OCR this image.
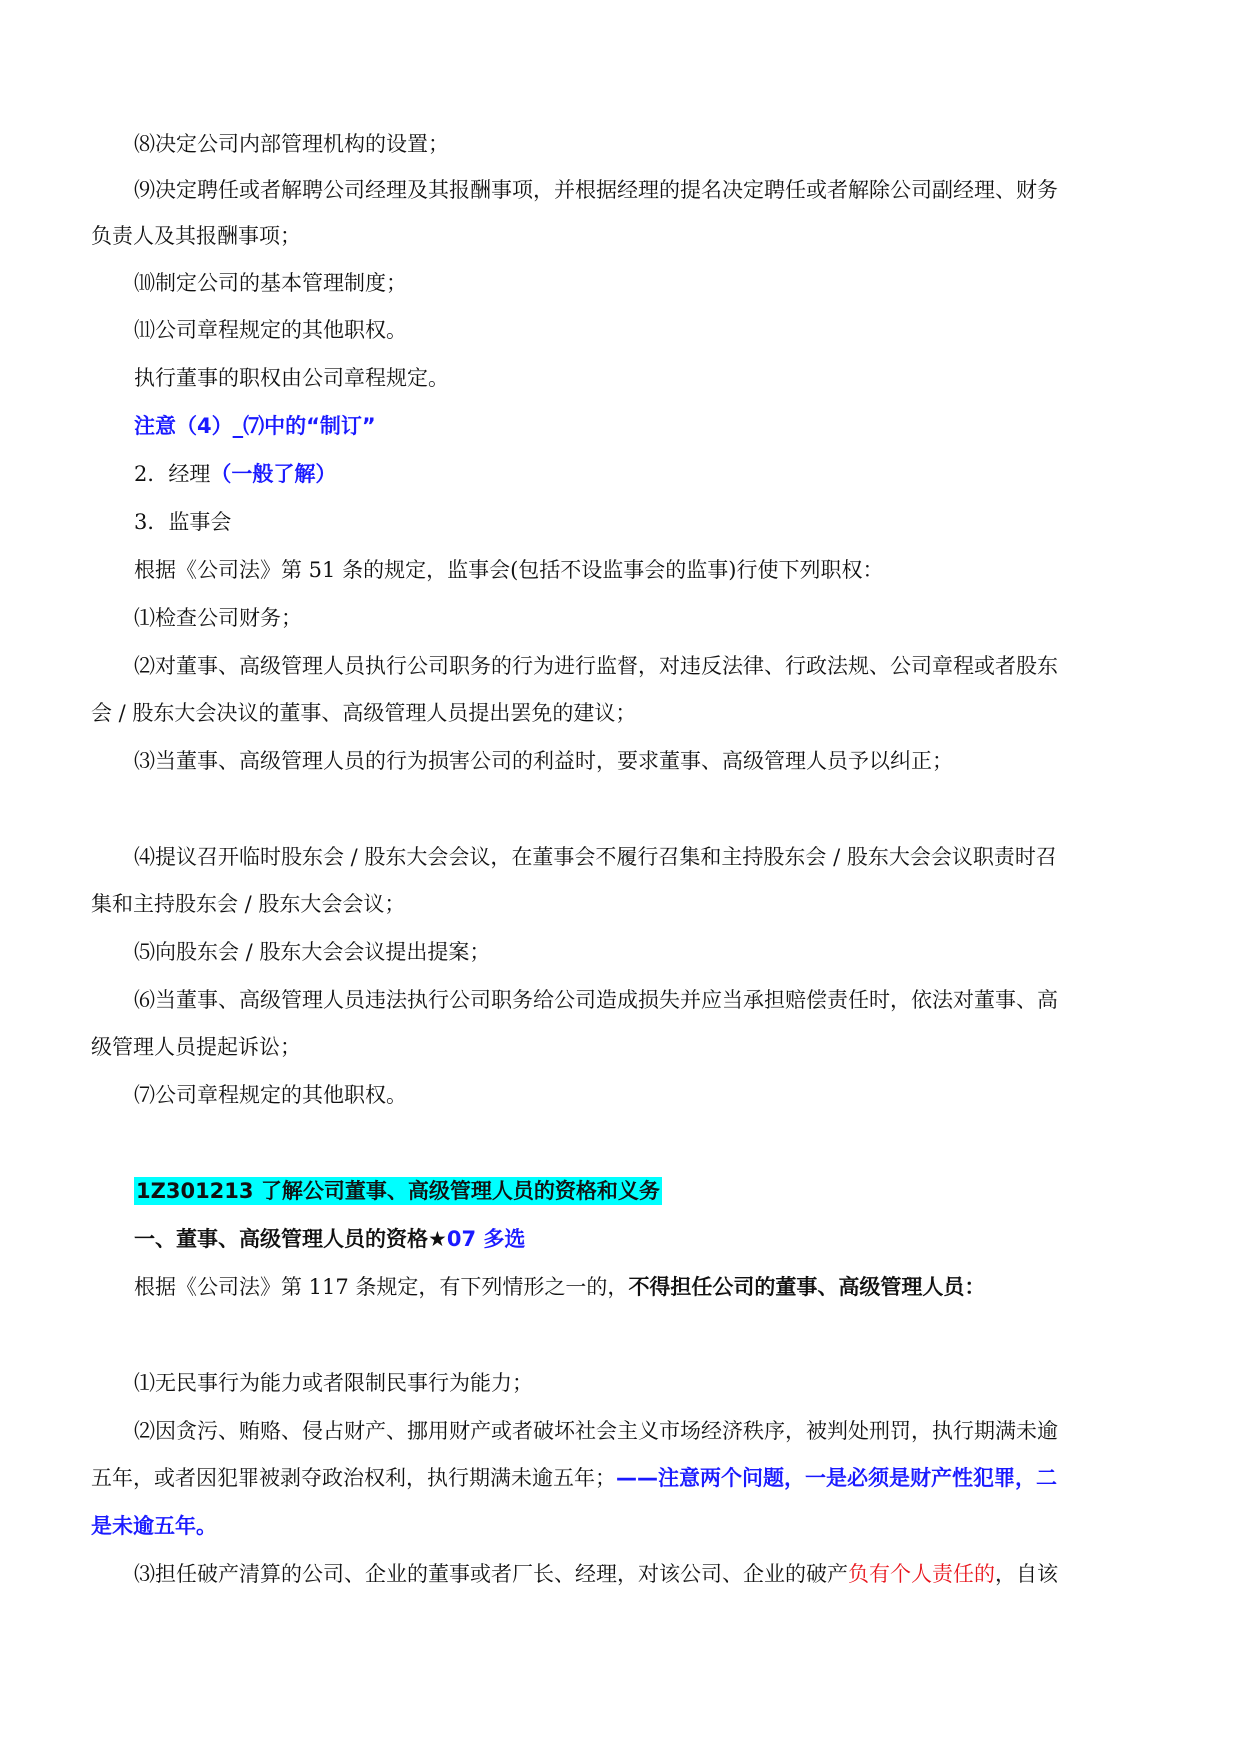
⑻决定公司内部管理机构的设置；
⑼决定聘任或者解聘公司经理及其报酬事项，并根据经理的提名决定聘任或者解除公司副经理、财务
负责人及其报酬事项；
⑽制定公司的基本管理制度；
⑾公司章程规定的其他职权。
执行董事的职权由公司章程规定。
注意（4）_⑺中的“制订”
2．经理（一般了解）
3．监事会
根据《公司法》第 51 条的规定，监事会(包括不设监事会的监事)行使下列职权：
⑴检查公司财务；
⑵对董事、高级管理人员执行公司职务的行为进行监督，对违反法律、行政法规、公司章程或者股东
会 / 股东大会决议的董事、高级管理人员提出罢免的建议；
⑶当董事、高级管理人员的行为损害公司的利益时，要求董事、高级管理人员予以纠正；
⑷提议召开临时股东会 / 股东大会会议，在董事会不履行召集和主持股东会 / 股东大会会议职责时召
集和主持股东会 / 股东大会会议；
⑸向股东会 / 股东大会会议提出提案；
⑹当董事、高级管理人员违法执行公司职务给公司造成损失并应当承担赔偿责任时，依法对董事、高
级管理人员提起诉讼；
⑺公司章程规定的其他职权。
1Z301213 了解公司董事、高级管理人员的资格和义务
一、董事、高级管理人员的资格★07 多选
根据《公司法》第 117 条规定，有下列情形之一的，不得担任公司的董事、高级管理人员：
⑴无民事行为能力或者限制民事行为能力；
⑵因贪污、贿赂、侵占财产、挪用财产或者破坏社会主义市场经济秩序，被判处刑罚，执行期满未逾
五年，或者因犯罪被剥夺政治权利，执行期满未逾五年；——注意两个问题，一是必须是财产性犯罪，二
是未逾五年。
⑶担任破产清算的公司、企业的董事或者厂长、经理，对该公司、企业的破产负有个人责任的，自该
